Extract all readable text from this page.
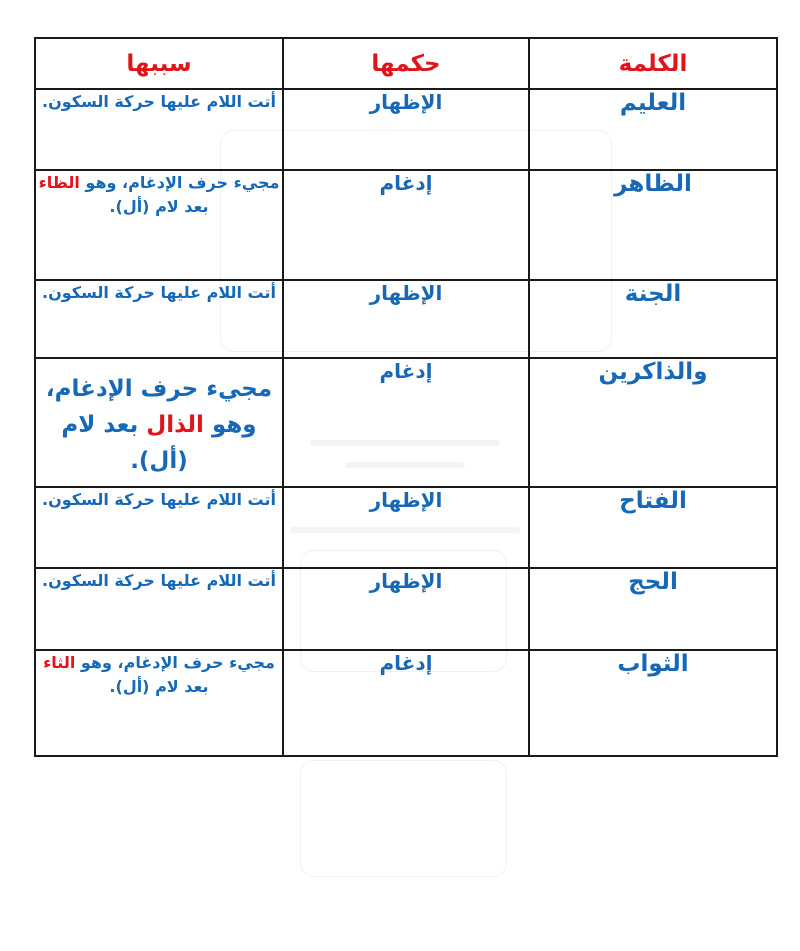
الكلمة	حكمها	سببها
العليم	الإظهار	أتت اللام عليها حركة السكون.
الظاهر	إدغام	مجيء حرف الإدغام، وهو الظاء بعد لام (أل).
الجنة	الإظهار	أتت اللام عليها حركة السكون.
والذاكرين	إدغام	مجيء حرف الإدغام، وهو الذال بعد لام (أل).
الفتاح	الإظهار	أتت اللام عليها حركة السكون.
الحج	الإظهار	أتت اللام عليها حركة السكون.
الثواب	إدغام	مجيء حرف الإدغام، وهو الثاء بعد لام (أل).
